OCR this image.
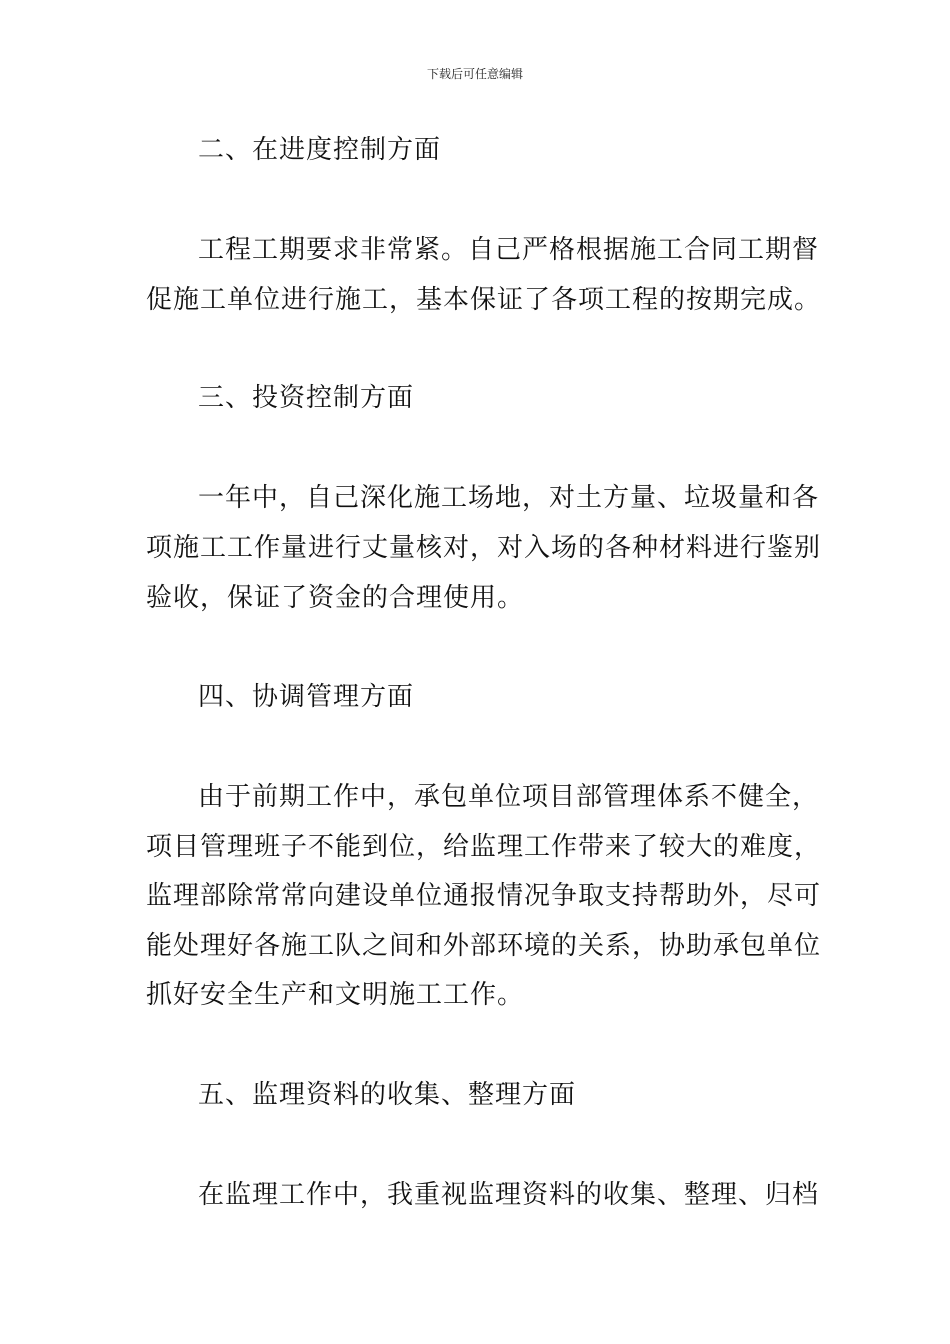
下载后可任意编辑
二、在进度控制方面
工程工期要求非常紧。自己严格根据施工合同工期督
促施工单位进行施工，基本保证了各项工程的按期完成。
三、投资控制方面
一年中，自己深化施工场地，对土方量、垃圾量和各
项施工工作量进行丈量核对，对入场的各种材料进行鉴别
验收，保证了资金的合理使用。
四、协调管理方面
由于前期工作中，承包单位项目部管理体系不健全，
项目管理班子不能到位，给监理工作带来了较大的难度，
监理部除常常向建设单位通报情况争取支持帮助外，尽可
能处理好各施工队之间和外部环境的关系，协助承包单位
抓好安全生产和文明施工工作。
五、监理资料的收集、整理方面
在监理工作中，我重视监理资料的收集、整理、归档
